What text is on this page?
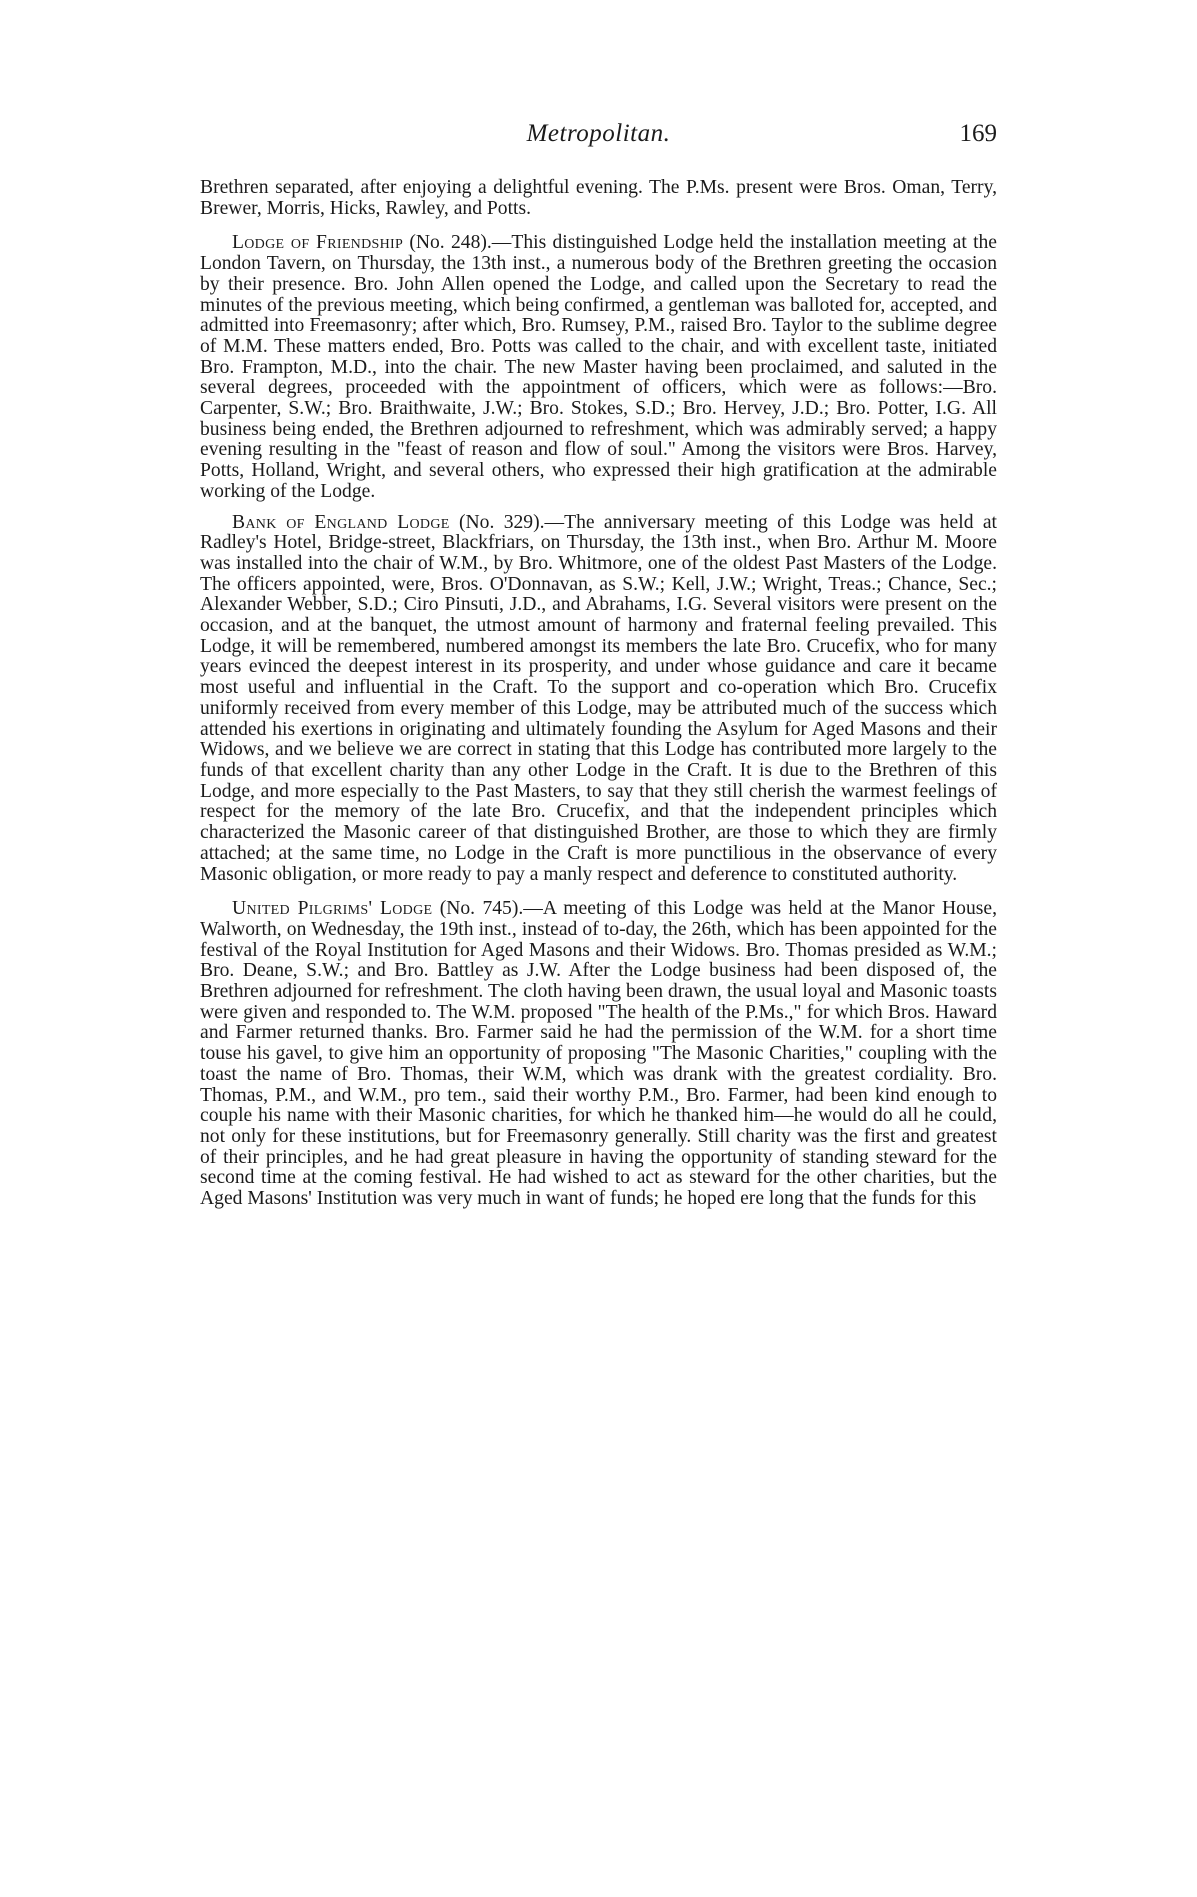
Metropolitan.	169

Brethren separated, after enjoying a delightful evening. The P.Ms. present were Bros. Oman, Terry, Brewer, Morris, Hicks, Rawley, and Potts.

Lodge of Friendship (No. 248).—This distinguished Lodge held the installation meeting at the London Tavern, on Thursday, the 13th inst., a numerous body of the Brethren greeting the occasion by their presence. Bro. John Allen opened the Lodge, and called upon the Secretary to read the minutes of the previous meeting, which being confirmed, a gentleman was balloted for, accepted, and admitted into Freemasonry; after which, Bro. Rumsey, P.M., raised Bro. Taylor to the sublime degree of M.M. These matters ended, Bro. Potts was called to the chair, and with excellent taste, initiated Bro. Frampton, M.D., into the chair. The new Master having been proclaimed, and saluted in the several degrees, proceeded with the appointment of officers, which were as follows:—Bro. Carpenter, S.W.; Bro. Braithwaite, J.W.; Bro. Stokes, S.D.; Bro. Hervey, J.D.; Bro. Potter, I.G. All business being ended, the Brethren adjourned to refreshment, which was admirably served; a happy evening resulting in the "feast of reason and flow of soul." Among the visitors were Bros. Harvey, Potts, Holland, Wright, and several others, who expressed their high gratification at the admirable working of the Lodge.

Bank of England Lodge (No. 329).—The anniversary meeting of this Lodge was held at Radley's Hotel, Bridge-street, Blackfriars, on Thursday, the 13th inst., when Bro. Arthur M. Moore was installed into the chair of W.M., by Bro. Whitmore, one of the oldest Past Masters of the Lodge. The officers appointed, were, Bros. O'Donnavan, as S.W.; Kell, J.W.; Wright, Treas.; Chance, Sec.; Alexander Webber, S.D.; Ciro Pinsuti, J.D., and Abrahams, I.G. Several visitors were present on the occasion, and at the banquet, the utmost amount of harmony and fraternal feeling prevailed. This Lodge, it will be remembered, numbered amongst its members the late Bro. Crucefix, who for many years evinced the deepest interest in its prosperity, and under whose guidance and care it became most useful and influential in the Craft. To the support and co-operation which Bro. Crucefix uniformly received from every member of this Lodge, may be attributed much of the success which attended his exertions in originating and ultimately founding the Asylum for Aged Masons and their Widows, and we believe we are correct in stating that this Lodge has contributed more largely to the funds of that excellent charity than any other Lodge in the Craft. It is due to the Brethren of this Lodge, and more especially to the Past Masters, to say that they still cherish the warmest feelings of respect for the memory of the late Bro. Crucefix, and that the independent principles which characterized the Masonic career of that distinguished Brother, are those to which they are firmly attached; at the same time, no Lodge in the Craft is more punctilious in the observance of every Masonic obligation, or more ready to pay a manly respect and deference to constituted authority.

United Pilgrims' Lodge (No. 745).—A meeting of this Lodge was held at the Manor House, Walworth, on Wednesday, the 19th inst., instead of to-day, the 26th, which has been appointed for the festival of the Royal Institution for Aged Masons and their Widows. Bro. Thomas presided as W.M.; Bro. Deane, S.W.; and Bro. Battley as J.W. After the Lodge business had been disposed of, the Brethren adjourned for refreshment. The cloth having been drawn, the usual loyal and Masonic toasts were given and responded to. The W.M. proposed "The health of the P.Ms.," for which Bros. Haward and Farmer returned thanks. Bro. Farmer said he had the permission of the W.M. for a short time touse his gavel, to give him an opportunity of proposing "The Masonic Charities," coupling with the toast the name of Bro. Thomas, their W.M, which was drank with the greatest cordiality. Bro. Thomas, P.M., and W.M., pro tem., said their worthy P.M., Bro. Farmer, had been kind enough to couple his name with their Masonic charities, for which he thanked him—he would do all he could, not only for these institutions, but for Freemasonry generally. Still charity was the first and greatest of their principles, and he had great pleasure in having the opportunity of standing steward for the second time at the coming festival. He had wished to act as steward for the other charities, but the Aged Masons' Institution was very much in want of funds; he hoped ere long that the funds for this
